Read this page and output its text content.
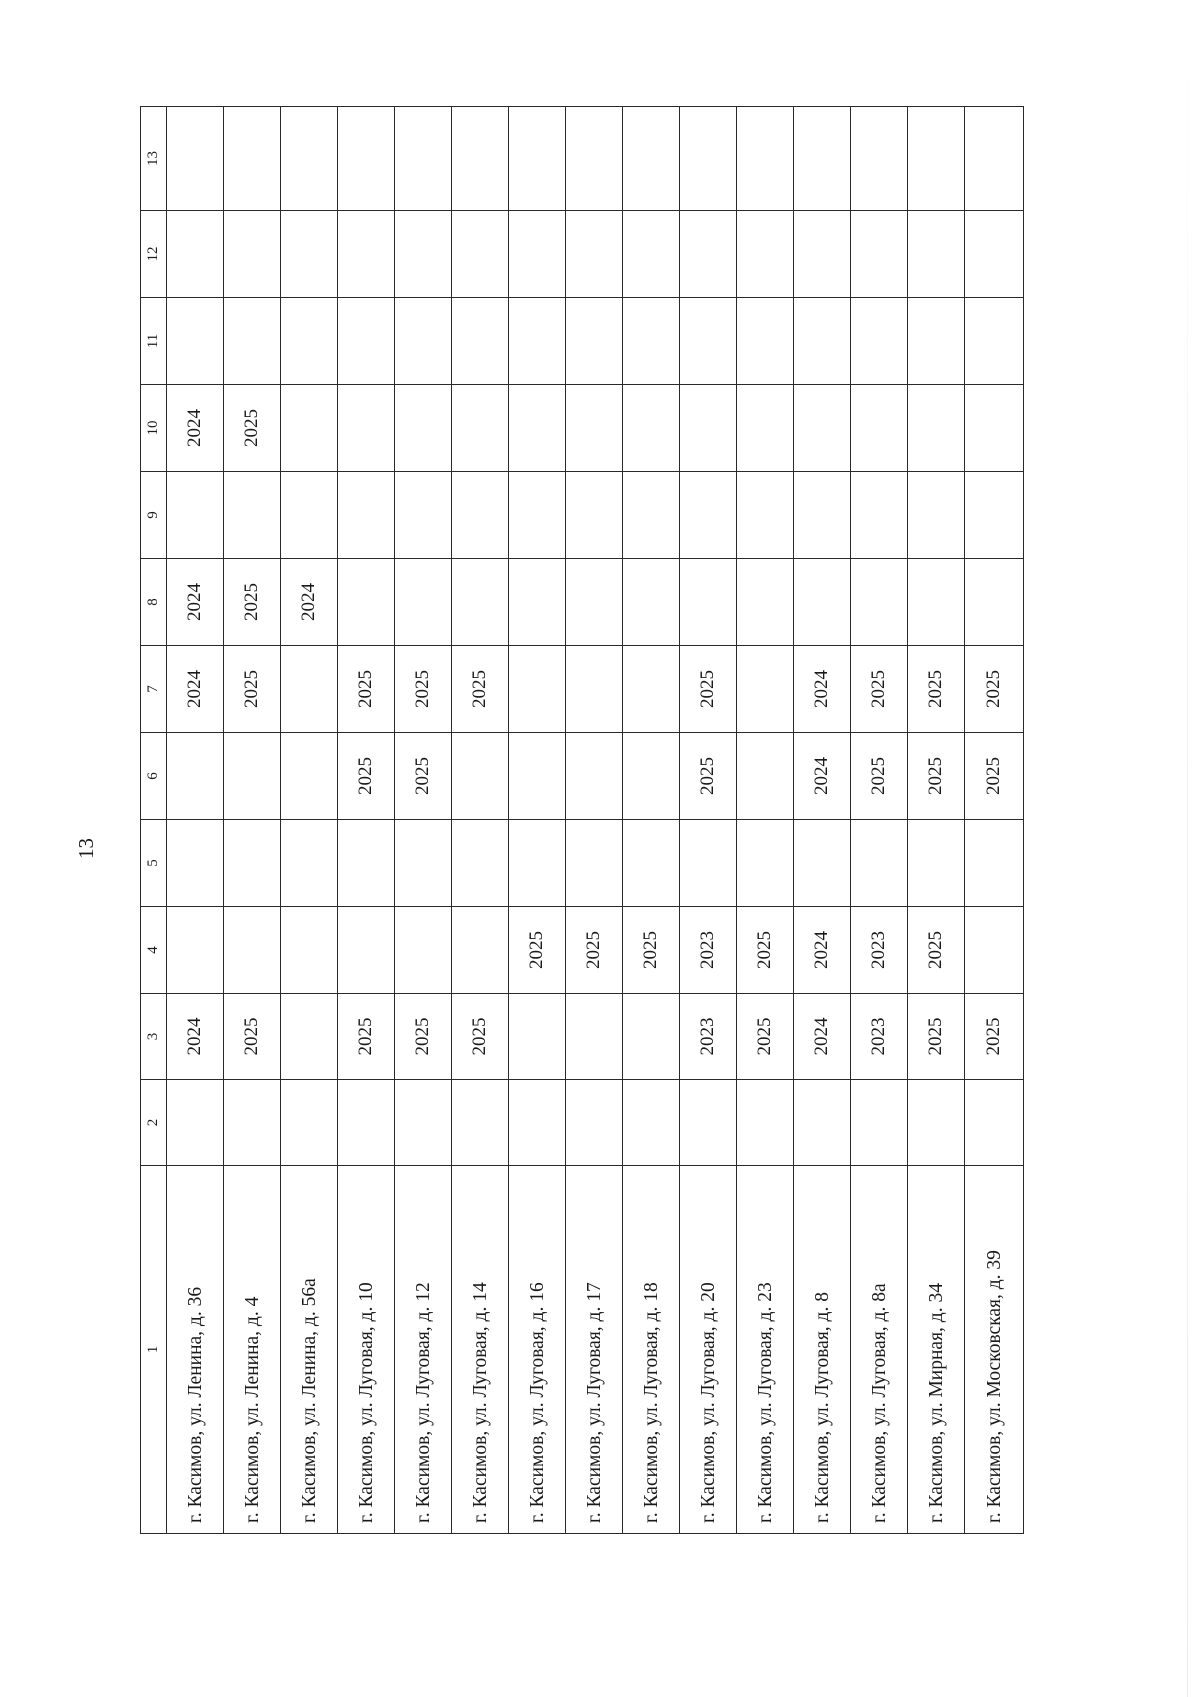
13
1	2	3	4	5	6	7	8	9	10	11	12	13
г. Касимов, ул. Ленина, д. 36		2024				2024	2024		2024			
г. Касимов, ул. Ленина, д. 4		2025				2025	2025		2025			
г. Касимов, ул. Ленина, д. 56а							2024					
г. Касимов, ул. Луговая, д. 10		2025			2025	2025						
г. Касимов, ул. Луговая, д. 12		2025			2025	2025						
г. Касимов, ул. Луговая, д. 14		2025				2025						
г. Касимов, ул. Луговая, д. 16			2025									
г. Касимов, ул. Луговая, д. 17			2025									
г. Касимов, ул. Луговая, д. 18			2025									
г. Касимов, ул. Луговая, д. 20		2023	2023		2025	2025						
г. Касимов, ул. Луговая, д. 23		2025	2025									
г. Касимов, ул. Луговая, д. 8		2024	2024		2024	2024						
г. Касимов, ул. Луговая, д. 8а		2023	2023		2025	2025						
г. Касимов, ул. Мирная, д. 34		2025	2025		2025	2025						
г. Касимов, ул. Московская, д. 39		2025			2025	2025						
